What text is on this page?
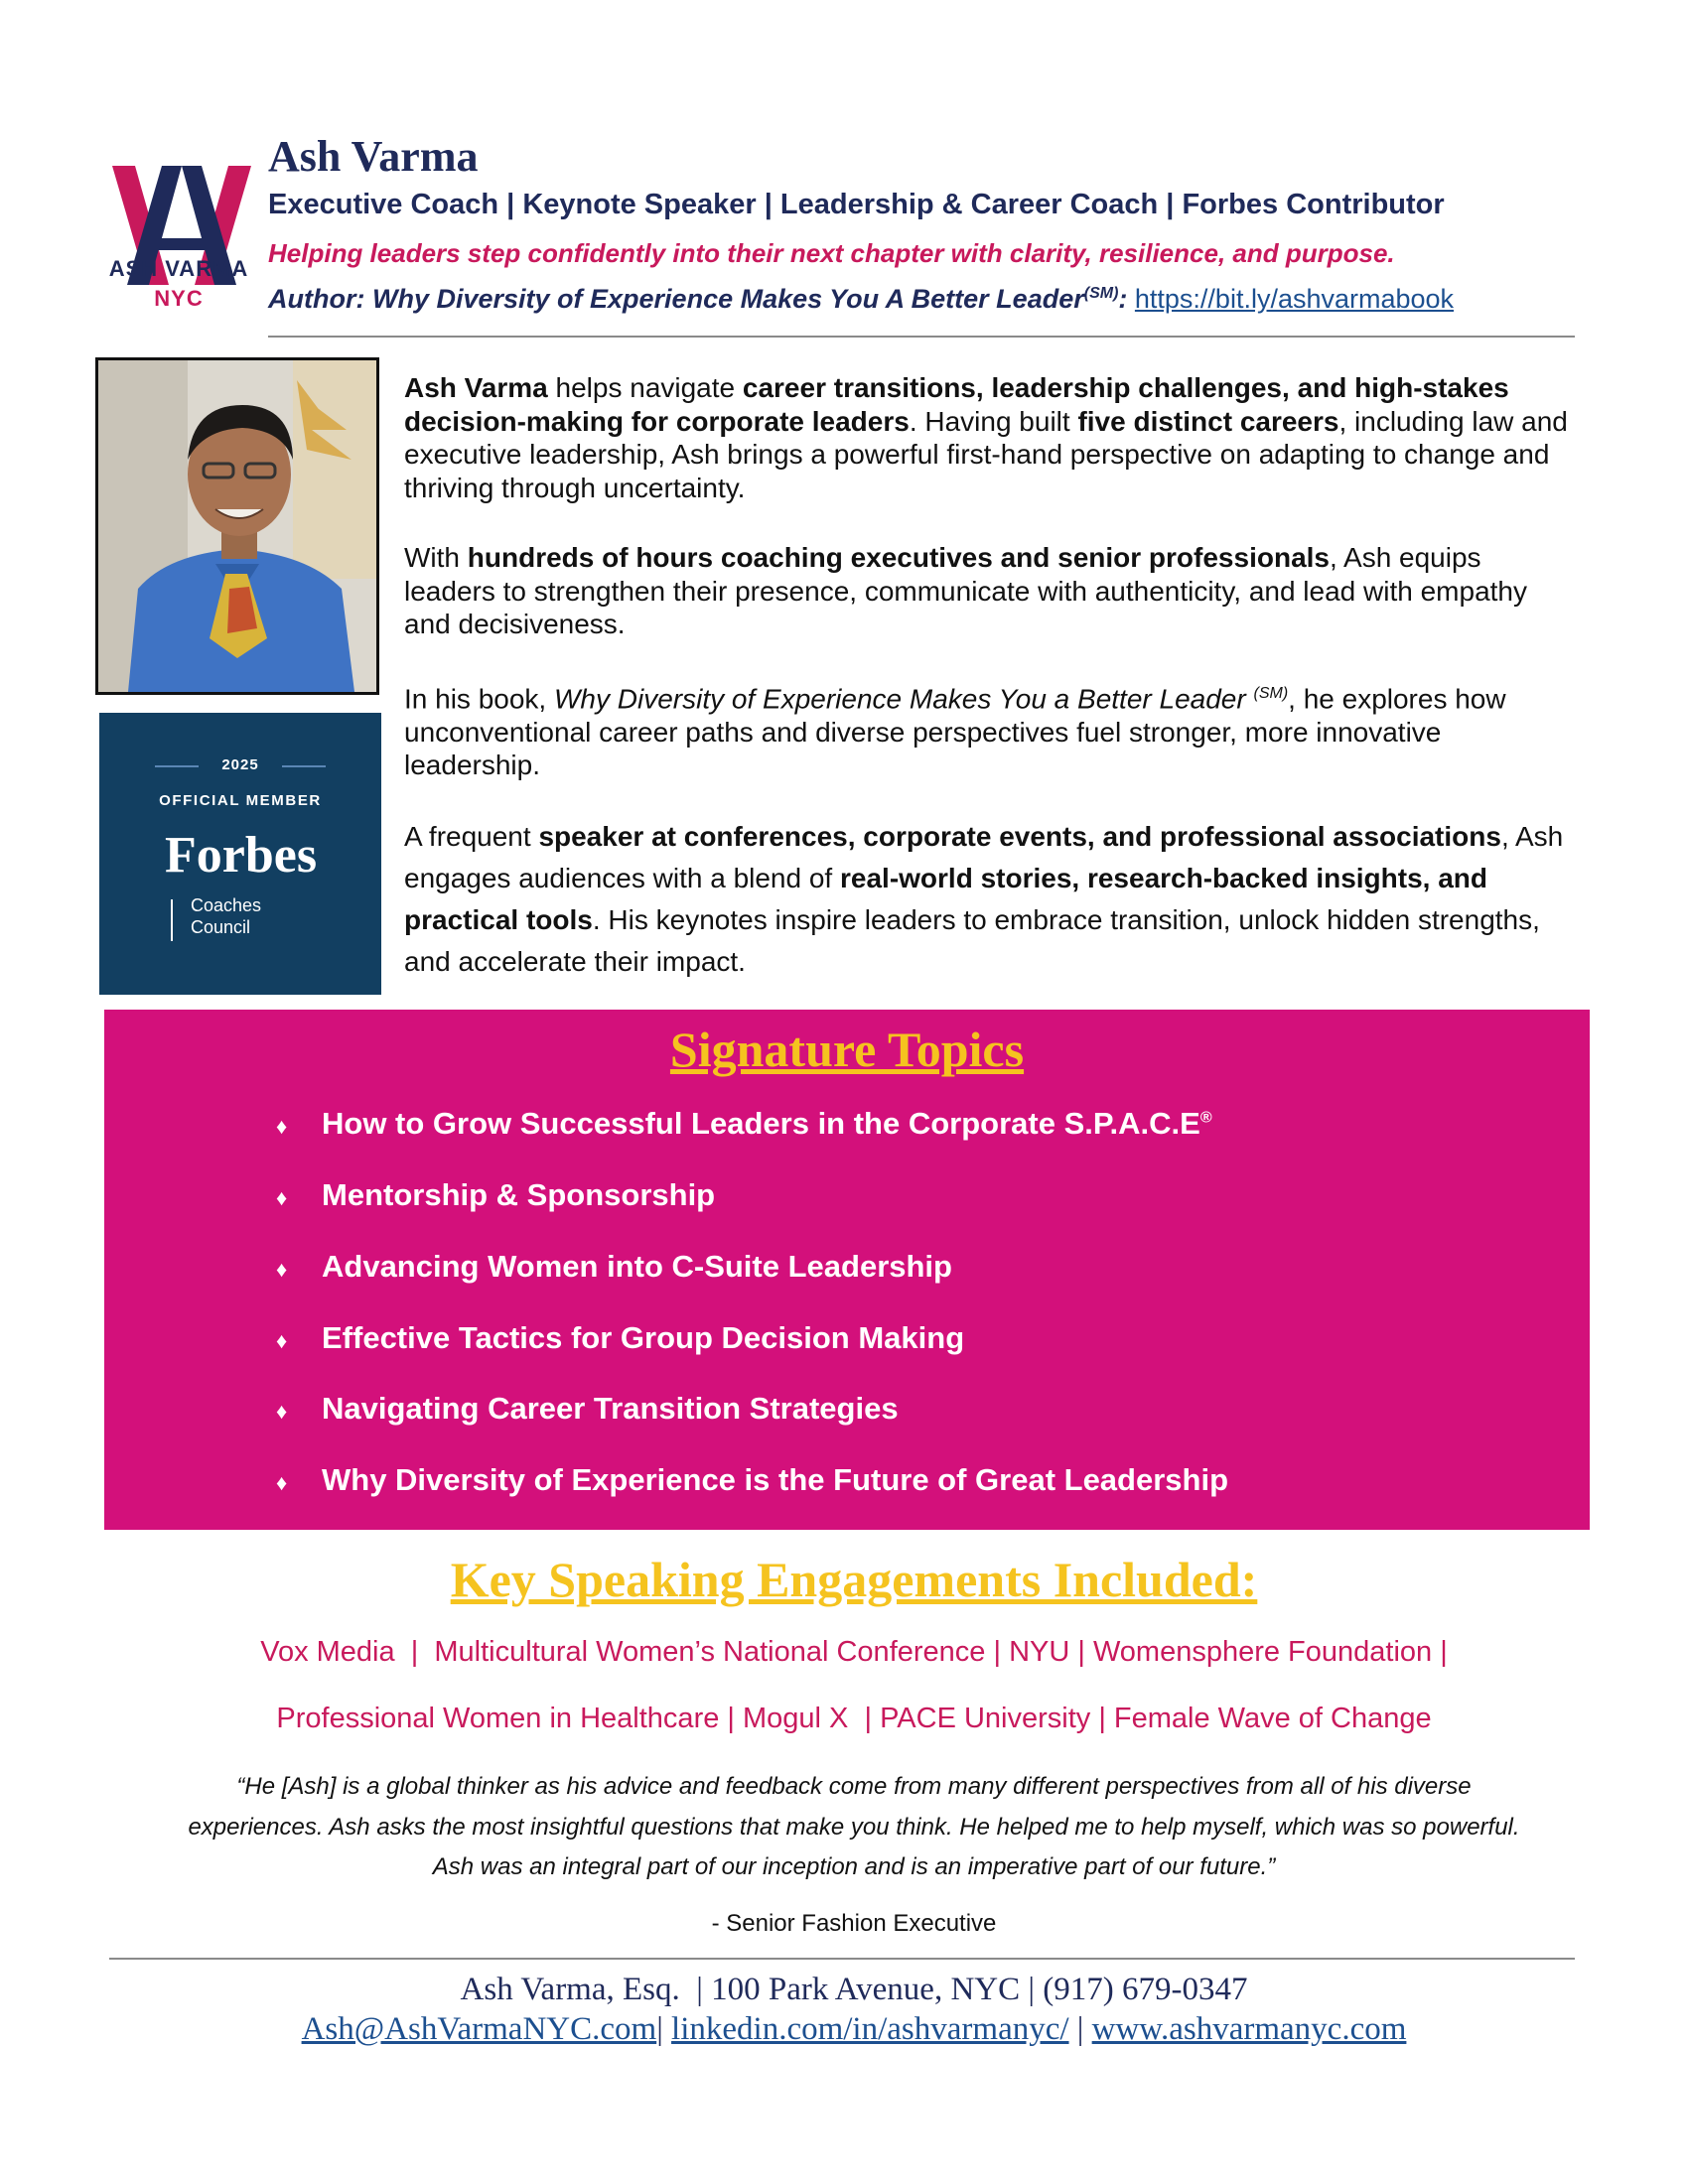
ASH VARMA
NYC
Ash Varma
Executive Coach | Keynote Speaker | Leadership & Career Coach | Forbes Contributor
Helping leaders step confidently into their next chapter with clarity, resilience, and purpose.
Author: Why Diversity of Experience Makes You A Better Leader$^{(SM)}$: https://bit.ly/ashvarmabook
2025
OFFICIAL MEMBER
Forbes
Coaches
Council
Ash Varma helps navigate career transitions, leadership challenges, and high-stakes decision-making for corporate leaders. Having built five distinct careers, including law and executive leadership, Ash brings a powerful first-hand perspective on adapting to change and thriving through uncertainty.
With hundreds of hours coaching executives and senior professionals, Ash equips leaders to strengthen their presence, communicate with authenticity, and lead with empathy and decisiveness.
In his book, Why Diversity of Experience Makes You a Better Leader $^{(SM)}$, he explores how unconventional career paths and diverse perspectives fuel stronger, more innovative leadership.
A frequent speaker at conferences, corporate events, and professional associations, Ash engages audiences with a blend of real-world stories, research-backed insights, and practical tools. His keynotes inspire leaders to embrace transition, unlock hidden strengths, and accelerate their impact.
Signature Topics
♦ How to Grow Successful Leaders in the Corporate S.P.A.C.E®
♦ Mentorship & Sponsorship
♦ Advancing Women into C-Suite Leadership
♦ Effective Tactics for Group Decision Making
♦ Navigating Career Transition Strategies
♦ Why Diversity of Experience is the Future of Great Leadership
Key Speaking Engagements Included:
Vox Media  |  Multicultural Women’s National Conference | NYU | Womensphere Foundation |
Professional Women in Healthcare | Mogul X  | PACE University | Female Wave of Change
“He [Ash] is a global thinker as his advice and feedback come from many different perspectives from all of his diverse
experiences. Ash asks the most insightful questions that make you think. He helped me to help myself, which was so powerful.
Ash was an integral part of our inception and is an imperative part of our future.”
- Senior Fashion Executive
Ash Varma, Esq.  | 100 Park Avenue, NYC | (917) 679-0347
Ash@AshVarmaNYC.com| linkedin.com/in/ashvarmanyc/ | www.ashvarmanyc.com
